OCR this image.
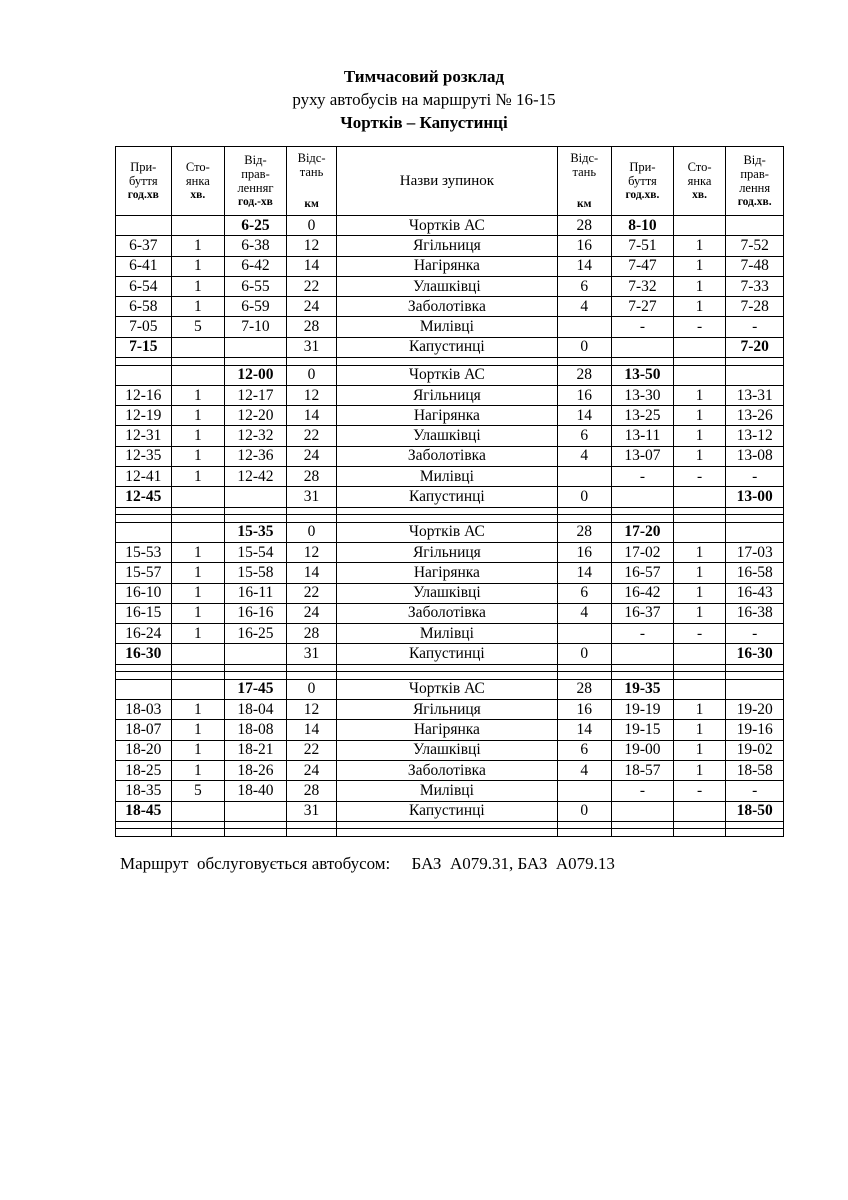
Тимчасовий розклад
руху автобусів на маршруті № 16-15
Чортків – Капустинці
При-
буття
год.хв	Сто-
янка
хв.	Від-
прав-
ленняг
год.-хв	Відс-
тань
км	Назви зупинок	Відс-
тань
км	При-
буття
год.хв.	Сто-
янка
хв.	Від-
прав-
лення
год.хв.

		6-25	0	Чортків АС	28	8-10		
6-37	1	6-38	12	Ягільниця	16	7-51	1	7-52
6-41	1	6-42	14	Нагірянка	14	7-47	1	7-48
6-54	1	6-55	22	Улашківці	6	7-32	1	7-33
6-58	1	6-59	24	Заболотівка	4	7-27	1	7-28
7-05	5	7-10	28	Милівці		-	-	-
7-15			31	Капустинці	0			7-20

		12-00	0	Чортків АС	28	13-50		
12-16	1	12-17	12	Ягільниця	16	13-30	1	13-31
12-19	1	12-20	14	Нагірянка	14	13-25	1	13-26
12-31	1	12-32	22	Улашківці	6	13-11	1	13-12
12-35	1	12-36	24	Заболотівка	4	13-07	1	13-08
12-41	1	12-42	28	Милівці		-	-	-
12-45			31	Капустинці	0			13-00

		15-35	0	Чортків АС	28	17-20		
15-53	1	15-54	12	Ягільниця	16	17-02	1	17-03
15-57	1	15-58	14	Нагірянка	14	16-57	1	16-58
16-10	1	16-11	22	Улашківці	6	16-42	1	16-43
16-15	1	16-16	24	Заболотівка	4	16-37	1	16-38
16-24	1	16-25	28	Милівці		-	-	-
16-30			31	Капустинці	0			16-30

		17-45	0	Чортків АС	28	19-35		
18-03	1	18-04	12	Ягільниця	16	19-19	1	19-20
18-07	1	18-08	14	Нагірянка	14	19-15	1	19-16
18-20	1	18-21	22	Улашківці	6	19-00	1	19-02
18-25	1	18-26	24	Заболотівка	4	18-57	1	18-58
18-35	5	18-40	28	Милівці		-	-	-
18-45			31	Капустинці	0			18-50

Маршрут  обслуговується автобусом:     БАЗ  А079.31, БАЗ  А079.13
